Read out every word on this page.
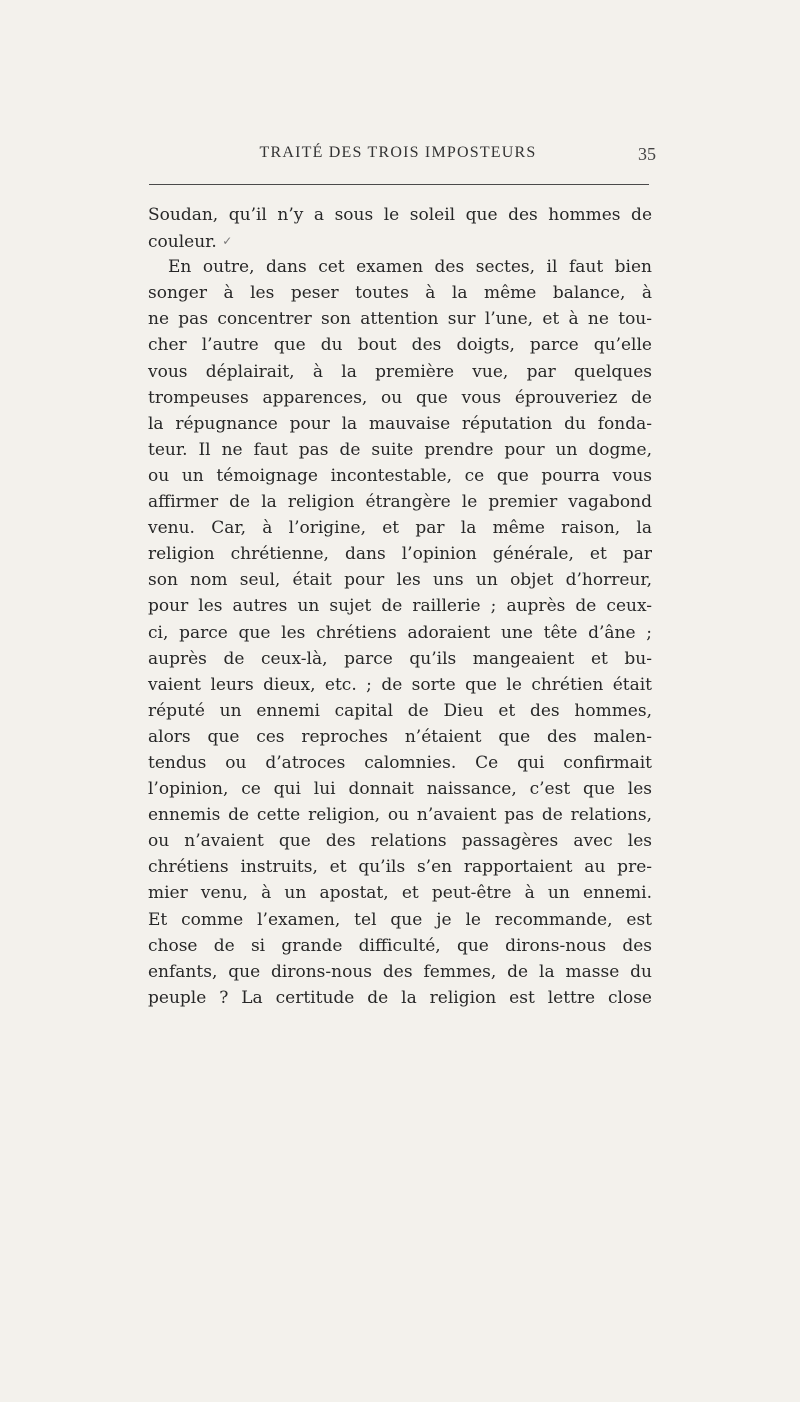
TRAITÉ DES TROIS IMPOSTEURS	35
Soudan, qu’il n’y a sous le soleil que des hommes de
couleur. ✓
En outre, dans cet examen des sectes, il faut bien
songer à les peser toutes à la même balance, à
ne pas concentrer son attention sur l’une, et à ne tou-
cher l’autre que du bout des doigts, parce qu’elle
vous déplairait, à la première vue, par quelques
trompeuses apparences, ou que vous éprouveriez de
la répugnance pour la mauvaise réputation du fonda-
teur. Il ne faut pas de suite prendre pour un dogme,
ou un témoignage incontestable, ce que pourra vous
affirmer de la religion étrangère le premier vagabond
venu. Car, à l’origine, et par la même raison, la
religion chrétienne, dans l’opinion générale, et par
son nom seul, était pour les uns un objet d’horreur,
pour les autres un sujet de raillerie ; auprès de ceux-
ci, parce que les chrétiens adoraient une tête d’âne ;
auprès de ceux-là, parce qu’ils mangeaient et bu-
vaient leurs dieux, etc. ; de sorte que le chrétien était
réputé un ennemi capital de Dieu et des hommes,
alors que ces reproches n’étaient que des malen-
tendus ou d’atroces calomnies. Ce qui confirmait
l’opinion, ce qui lui donnait naissance, c’est que les
ennemis de cette religion, ou n’avaient pas de relations,
ou n’avaient que des relations passagères avec les
chrétiens instruits, et qu’ils s’en rapportaient au pre-
mier venu, à un apostat, et peut-être à un ennemi.
Et comme l’examen, tel que je le recommande, est
chose de si grande difficulté, que dirons-nous des
enfants, que dirons-nous des femmes, de la masse du
peuple ? La certitude de la religion est lettre close
